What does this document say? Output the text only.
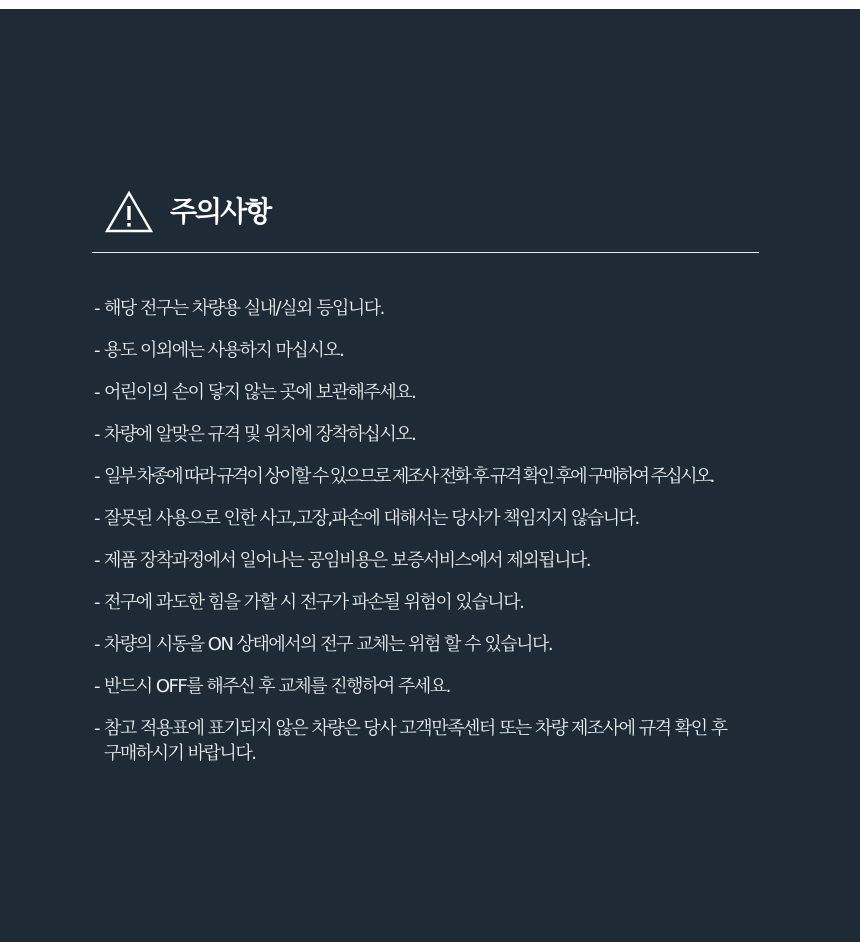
주의사항
- 해당 전구는 차량용 실내/실외 등입니다.
- 용도 이외에는 사용하지 마십시오.
- 어린이의 손이 닿지 않는 곳에 보관해주세요.
- 차량에 알맞은 규격 및 위치에 장착하십시오.
- 일부 차종에 따라 규격이 상이할 수 있으므로 제조사 전화 후 규격 확인 후에 구매하여 주십시오.
- 잘못된 사용으로 인한 사고,고장,파손에 대해서는 당사가 책임지지 않습니다.
- 제품 장착과정에서 일어나는 공임비용은 보증서비스에서 제외됩니다.
- 전구에 과도한 힘을 가할 시 전구가 파손될 위험이 있습니다.
- 차량의 시동을 ON 상태에서의 전구 교체는 위험 할 수 있습니다.
- 반드시 OFF를 해주신 후 교체를 진행하여 주세요.
- 참고 적용표에 표기되지 않은 차량은 당사 고객만족센터 또는 차량 제조사에 규격 확인 후 구매하시기 바랍니다.
